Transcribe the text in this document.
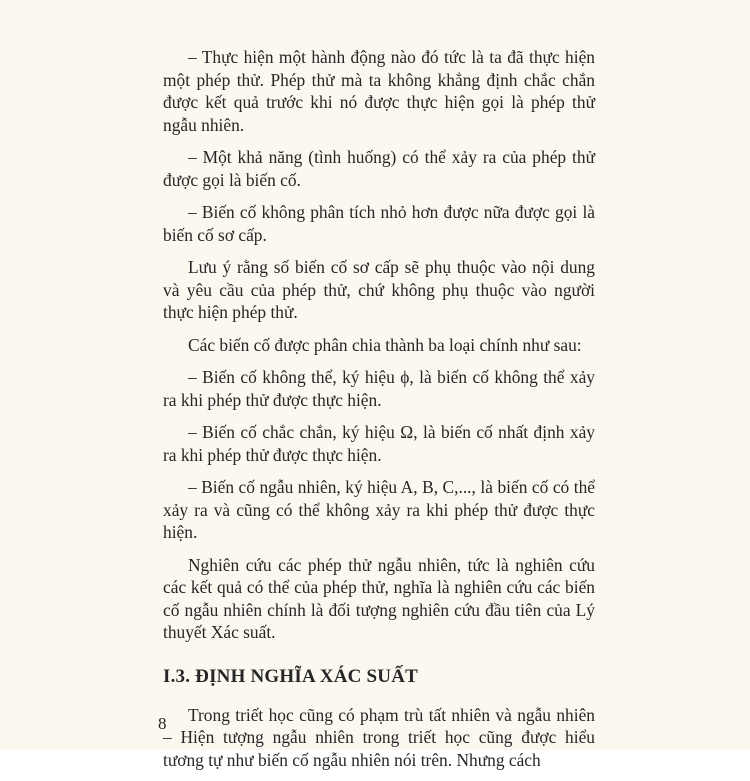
– Thực hiện một hành động nào đó tức là ta đã thực hiện một phép thử. Phép thử mà ta không khẳng định chắc chắn được kết quả trước khi nó được thực hiện gọi là phép thử ngẫu nhiên.

– Một khả năng (tình huống) có thể xảy ra của phép thử được gọi là biến cố.

– Biến cố không phân tích nhỏ hơn được nữa được gọi là biến cố sơ cấp.

Lưu ý rằng số biến cố sơ cấp sẽ phụ thuộc vào nội dung và yêu cầu của phép thử, chứ không phụ thuộc vào người thực hiện phép thử.

Các biến cố được phân chia thành ba loại chính như sau:

– Biến cố không thể, ký hiệu ϕ, là biến cố không thể xảy ra khi phép thử được thực hiện.

– Biến cố chắc chắn, ký hiệu Ω, là biến cố nhất định xảy ra khi phép thử được thực hiện.

– Biến cố ngẫu nhiên, ký hiệu A, B, C,..., là biến cố có thể xảy ra và cũng có thể không xảy ra khi phép thử được thực hiện.

Nghiên cứu các phép thử ngẫu nhiên, tức là nghiên cứu các kết quả có thể của phép thử, nghĩa là nghiên cứu các biến cố ngẫu nhiên chính là đối tượng nghiên cứu đầu tiên của Lý thuyết Xác suất.

I.3. ĐỊNH NGHĨA XÁC SUẤT

Trong triết học cũng có phạm trù tất nhiên và ngẫu nhiên – Hiện tượng ngẫu nhiên trong triết học cũng được hiểu tương tự như biến cố ngẫu nhiên nói trên. Nhưng cách

8
